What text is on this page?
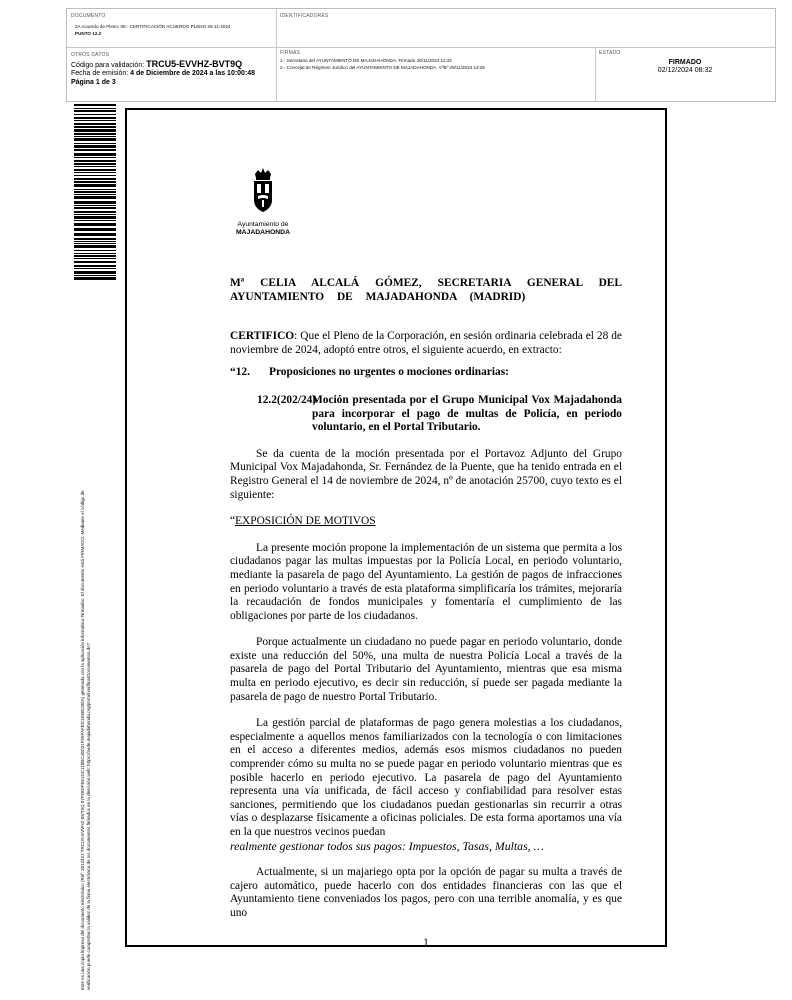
DOCUMENTO
2A Acuerdo de Pleno: 08.- CERTIFICACIÓN ACUERDO PLENO 28-11-2024
PUNTO 12.2
IDENTIFICADORES
OTROS DATOS
Código para validación: TRCU5-EVVHZ-BVT9Q
Fecha de emisión: 4 de Diciembre de 2024 a las 10:00:48
Página 1 de 3
FIRMAS
1.- Secretaria del AYUNTAMIENTO DE MAJADAHONDA. Firmado 29/11/2024 11:33
2.- Concejal de Régimen Jurídico del AYUNTAMIENTO DE MAJADAHONDA. VºBº 29/11/2024 13:26
ESTADO
FIRMADO
02/12/2024 08:32
Este es una copia impresa del documento electrónico (Ref: 3012421 TRCU5-EVVHZ-BVT9Q 07F58DFE61DC118BC40D31F55FAFED1E6BCB5A) generada con la aplicación informática Firmadoc. El documento está FIRMADO. Mediante el código de verificación puede comprobar la validez de la firma electrónica de los documentos firmados en la dirección web: https://sede.majadahonda.org/portal/verificarDocumentos.do?
Ayuntamiento de
MAJADAHONDA
Mª CELIA ALCALÁ GÓMEZ, SECRETARIA GENERAL DEL AYUNTAMIENTO DE MAJADAHONDA (MADRID)
CERTIFICO: Que el Pleno de la Corporación, en sesión ordinaria celebrada el 28 de noviembre de 2024, adoptó entre otros, el siguiente acuerdo, en extracto:
“12.	Proposiciones no urgentes o mociones ordinarias:
12.2(202/24)
Moción presentada por el Grupo Municipal Vox Majadahonda para incorporar el pago de multas de Policía, en periodo voluntario, en el Portal Tributario.
Se da cuenta de la moción presentada por el Portavoz Adjunto del Grupo Municipal Vox Majadahonda, Sr. Fernández de la Puente, que ha tenido entrada en el Registro General el 14 de noviembre de 2024, nº de anotación 25700, cuyo texto es el siguiente:
“EXPOSICIÓN DE MOTIVOS
La presente moción propone la implementación de un sistema que permita a los ciudadanos pagar las multas impuestas por la Policía Local, en periodo voluntario, mediante la pasarela de pago del Ayuntamiento. La gestión de pagos de infracciones en periodo voluntario a través de esta plataforma simplificaría los trámites, mejoraría la recaudación de fondos municipales y fomentaría el cumplimiento de las obligaciones por parte de los ciudadanos.
Porque actualmente un ciudadano no puede pagar en periodo voluntario, donde existe una reducción del 50%, una multa de nuestra Policía Local a través de la pasarela de pago del Portal Tributario del Ayuntamiento, mientras que esa misma multa en periodo ejecutivo, es decir sin reducción, sí puede ser pagada mediante la pasarela de pago de nuestro Portal Tributario.
La gestión parcial de plataformas de pago genera molestias a los ciudadanos, especialmente a aquellos menos familiarizados con la tecnología o con limitaciones en el acceso a diferentes medios, además esos mismos ciudadanos no pueden comprender cómo su multa no se puede pagar en periodo voluntario mientras que es posible hacerlo en periodo ejecutivo. La pasarela de pago del Ayuntamiento representa una vía unificada, de fácil acceso y confiabilidad para resolver estas sanciones, permitiendo que los ciudadanos puedan gestionarlas sin recurrir a otras vías o desplazarse físicamente a oficinas policiales. De esta forma aportamos una vía en la que nuestros vecinos puedan
realmente gestionar todos sus pagos: Impuestos, Tasas, Multas, …
Actualmente, si un majariego opta por la opción de pagar su multa a través de cajero automático, puede hacerlo con dos entidades financieras con las que el Ayuntamiento tiene conveniados los pagos, pero con una terrible anomalía, y es que uno
1
